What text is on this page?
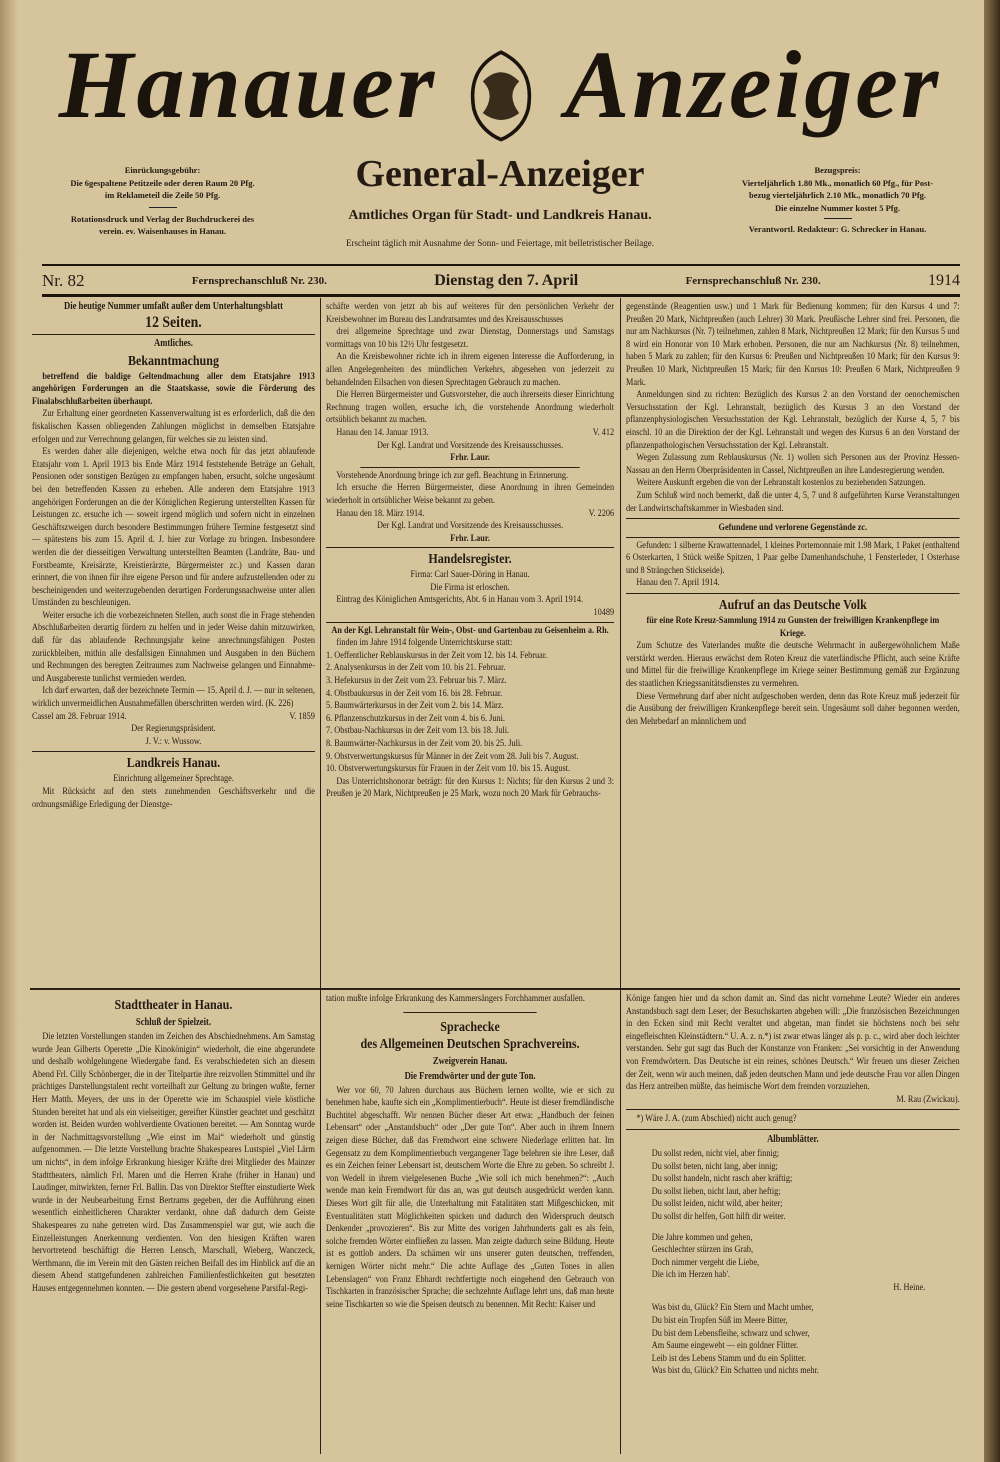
Hanauer Anzeiger
General-Anzeiger
Amtliches Organ für Stadt- und Landkreis Hanau.
Erscheint täglich mit Ausnahme der Sonn- und Feiertage, mit belletristischer Beilage.
Einrückungsgebühr:
Die 6gespaltene Petitzeile oder deren Raum 20 Pfg.
im Reklameteil die Zeile 50 Pfg.
Rotationsdruck und Verlag der Buchdruckerei des
verein. ev. Waisenhauses in Hanau.
Bezugspreis:
Vierteljährlich 1.80 Mk., monatlich 60 Pfg., für Post-
bezug vierteljährlich 2.10 Mk., monatlich 70 Pfg.
Die einzelne Nummer kostet 5 Pfg.
Verantwortl. Redakteur: G. Schrecker in Hanau.
Nr. 82	Fernsprechanschluß Nr. 230.	Dienstag den 7. April	Fernsprechanschluß Nr. 230.	1914
Die heutige Nummer umfaßt außer dem Unterhaltungsblatt
12 Seiten.
Amtliches.
Bekanntmachung

betreffend die baldige Geltendmachung aller dem Etatsjahre 1913 angehörigen Forderungen an die Staatskasse, sowie die Förderung des Finalabschlußarbeiten überhaupt.

Zur Erhaltung einer geordneten Kassenverwaltung ist es erforderlich, daß die den fiskalischen Kassen obliegenden Zahlungen möglichst in demselben Etatsjahre erfolgen und zur Verrechnung gelangen, für welches sie zu leisten sind.

Es werden daher alle diejenigen, welche etwa noch für das jetzt ablaufende Etatsjahr vom 1. April 1913 bis Ende März 1914 feststehende Beträge an Gehalt, Pensionen oder sonstigen Bezügen zu empfangen haben, ersucht, solche ungesäumt bei den betreffenden Kassen zu erheben. Alle anderen dem Etatsjahre 1913 angehörigen Forderungen an die der Königlichen Regierung unterstellten Kassen für Leistungen zc. ersuche ich — soweit irgend möglich und sofern nicht in einzelnen Geschäftszweigen durch besondere Bestimmungen frühere Termine festgesetzt sind — spätestens bis zum 15. April d. J. hier zur Vorlage zu bringen. Insbesondere werden die der diesseitigen Verwaltung unterstellten Beamten (Landräte, Bau- und Forstbeamte, Kreisärzte, Kreistierärzte, Bürgermeister zc.) und Kassen daran erinnert, die von ihnen für ihre eigene Person und für andere aufzustellenden oder zu bescheinigenden und weiterzugebenden derartigen Forderungsnachweise unter allen Umständen zu beschleunigen.

Weiter ersuche ich die vorbezeichneten Stellen, auch sonst die in Frage stehenden Abschlußarbeiten derartig fördern zu helfen und in jeder Weise dahin mitzuwirken, daß für das ablaufende Rechnungsjahr keine anrechnungsfähigen Posten zurückbleiben, mithin alle desfallsigen Einnahmen und Ausgaben in den Büchern und Rechnungen des beregten Zeitraumes zum Nachweise gelangen und Einnahme- und Ausgabereste tunlichst vermieden werden.

Ich darf erwarten, daß der bezeichnete Termin — 15. April d. J. — nur in seltenen, wirklich unvermeidlichen Ausnahmefällen überschritten werden wird. (K. 226)

Cassel am 28. Februar 1914.	V. 1859
Der Regierungspräsident.
J. V.: v. Wussow.
Landkreis Hanau.
Einrichtung allgemeiner Sprechtage.

Mit Rücksicht auf den stets zunehmenden Geschäftsverkehr und die ordnungsmäßige Erledigung der Dienstge-

schäfte werden von jetzt ab bis auf weiteres für den persönlichen Verkehr der Kreisbewohner im Bureau des Landratsamtes und des Kreisausschusses

drei allgemeine Sprechtage und zwar Dienstag, Donnerstags und Samstags vormittags von 10 bis 12½ Uhr festgesetzt.

An die Kreisbewohner richte ich in ihrem eigenen Interesse die Aufforderung, in allen Angelegenheiten des mündlichen Verkehrs, abgesehen von jederzeit zu behandelnden Eilsachen von diesen Sprechtagen Gebrauch zu machen.

Die Herren Bürgermeister und Gutsvorsteher, die auch ihrerseits dieser Einrichtung Rechnung tragen wollen, ersuche ich, die vorstehende Anordnung wiederholt ortsüblich bekannt zu machen.

Hanau den 14. Januar 1913.	V. 412
Der Kgl. Landrat und Vorsitzende des Kreisausschusses.
Frhr. Laur.

Vorstehende Anordnung bringe ich zur gefl. Beachtung in Erinnerung.

Ich ersuche die Herren Bürgermeister, diese Anordnung in ihren Gemeinden wiederholt in ortsüblicher Weise bekannt zu geben.

Hanau den 18. März 1914.	V. 2206
Der Kgl. Landrat und Vorsitzende des Kreisausschusses.
Frhr. Laur.
Handelsregister.
Firma: Carl Sauer-Döring in Hanau.
Die Firma ist erloschen.

Eintrag des Königlichen Amtsgerichts, Abt. 6 in Hanau vom 3. April 1914.

10489
An der Kgl. Lehranstalt für Wein-, Obst- und Gartenbau zu Geisenheim a. Rh.

finden im Jahre 1914 folgende Unterrichtskurse statt:

1. Oeffentlicher Reblauskursus in der Zeit vom 12. bis 14. Februar.
2. Analysenkursus in der Zeit vom 10. bis 21. Februar.
3. Hefekursus in der Zeit vom 23. Februar bis 7. März.
4. Obstbaukursus in der Zeit vom 16. bis 28. Februar.
5. Baumwärterkursus in der Zeit vom 2. bis 14. März.
6. Pflanzenschutzkursus in der Zeit vom 4. bis 6. Juni.
7. Obstbau-Nachkursus in der Zeit vom 13. bis 18. Juli.
8. Baumwärter-Nachkursus in der Zeit vom 20. bis 25. Juli.
9. Obstverwertungskursus für Männer in der Zeit vom 28. Juli bis 7. August.
10. Obstverwertungskursus für Frauen in der Zeit vom 10. bis 15. August.

Das Unterrichtshonorar beträgt: für den Kursus 1: Nichts; für den Kursus 2 und 3: Preußen je 20 Mark, Nichtpreußen je 25 Mark, wozu noch 20 Mark für Gebrauchs-

gegenstände (Reagentien usw.) und 1 Mark für Bedienung kommen; für den Kursus 4 und 7: Preußen 20 Mark, Nichtpreußen (auch Lehrer) 30 Mark. Preußische Lehrer sind frei. Personen, die nur am Nachkursus (Nr. 7) teilnehmen, zahlen 8 Mark, Nichtpreußen 12 Mark; für den Kursus 5 und 8 wird ein Honorar von 10 Mark erhoben. Personen, die nur am Nachkursus (Nr. 8) teilnehmen, haben 5 Mark zu zahlen; für den Kursus 6: Preußen und Nichtpreußen 10 Mark; für den Kursus 9: Preußen 10 Mark, Nichtpreußen 15 Mark; für den Kursus 10: Preußen 6 Mark, Nichtpreußen 9 Mark.

Anmeldungen sind zu richten: Bezüglich des Kursus 2 an den Vorstand der oenochemischen Versuchsstation der Kgl. Lehranstalt, bezüglich des Kursus 3 an den Vorstand der pflanzenphysiologischen Versuchsstation der Kgl. Lehranstalt, bezüglich der Kurse 4, 5, 7 bis einschl. 10 an die Direktion der der Kgl. Lehranstalt und wegen des Kursus 6 an den Vorstand der pflanzenpathologischen Versuchsstation der Kgl. Lehranstalt.

Wegen Zulassung zum Reblauskursus (Nr. 1) wollen sich Personen aus der Provinz Hessen-Nassau an den Herrn Oberpräsidenten in Cassel, Nichtpreußen an ihre Landesregierung wenden.

Weitere Auskunft ergeben die von der Lehranstalt kostenlos zu beziehenden Satzungen.

Zum Schluß wird noch bemerkt, daß die unter 4, 5, 7 und 8 aufgeführten Kurse Veranstaltungen der Landwirtschaftskammer in Wiesbaden sind.

Gefundene und verlorene Gegenstände zc.

Gefunden: 1 silberne Krawattennadel, 1 kleines Portemonnaie mit 1.98 Mark, 1 Paket (enthaltend 6 Osterkarten, 1 Stück weiße Spitzen, 1 Paar gelbe Damenhandschuhe, 1 Fensterleder, 1 Osterhase und 8 Strängchen Stickseide).

Hanau den 7. April 1914.

Aufruf an das Deutsche Volk
für eine Rote Kreuz-Sammlung 1914 zu Gunsten der freiwilligen Krankenpflege im Kriege.

Zum Schutze des Vaterlandes mußte die deutsche Wehrmacht in außergewöhnlichem Maße verstärkt werden. Hieraus erwächst dem Roten Kreuz die vaterländische Pflicht, auch seine Kräfte und Mittel für die freiwillige Krankenpflege im Kriege seiner Bestimmung gemäß zur Ergänzung des staatlichen Kriegssanitätsdienstes zu vermehren.

Diese Vermehrung darf aber nicht aufgeschoben werden, denn das Rote Kreuz muß jederzeit für die Ausübung der freiwilligen Krankenpflege bereit sein. Ungesäumt soll daher begonnen werden, den Mehrbedarf an männlichem und

Stadttheater in Hanau.
Schluß der Spielzeit.

Die letzten Vorstellungen standen im Zeichen des Abschiednehmens. Am Samstag wurde Jean Gilberts Operette „Die Kinokönigin“ wiederholt, die eine abgerundete und deshalb wohlgelungene Wiedergabe fand. Es verabschiedeten sich an diesem Abend Frl. Cilly Schönberger, die in der Titelpartie ihre reizvollen Stimmittel und ihr prächtiges Darstellungstalent recht vorteilhaft zur Geltung zu bringen wußte, ferner Herr Matth. Meyers, der uns in der Operette wie im Schauspiel viele köstliche Stunden bereitet hat und als ein vielseitiger, gereifter Künstler geachtet und geschätzt worden ist. Beiden wurden wohlverdiente Ovationen bereitet. — Am Sonntag wurde in der Nachmittagsvorstellung „Wie einst im Mai“ wiederholt und günstig aufgenommen. — Die letzte Vorstellung brachte Shakespeares Lustspiel „Viel Lärm um nichts“, in dem infolge Erkrankung hiesiger Kräfte drei Mitglieder des Mainzer Stadttheaters, nämlich Frl. Maren und die Herren Krahe (früher in Hanau) und Laudinger, mitwirkten, ferner Frl. Ballin. Das von Direktor Steffter einstudierte Werk wurde in der Neubearbeitung Ernst Bertrams gegeben, der die Aufführung einen wesentlich einheitlicheren Charakter verdankt, ohne daß dadurch dem Geiste Shakespeares zu nahe getreten wird. Das Zusammenspiel war gut, wie auch die Einzelleistungen Anerkennung verdienten. Von den hiesigen Kräften waren hervortretend beschäftigt die Herren Lensch, Marschall, Wieberg, Wanczeck, Werthmann, die im Verein mit den Gästen reichen Beifall des im Hinblick auf die an diesem Abend stattgefundenen zahlreichen Familienfestlichkeiten gut besetzten Hauses entgegennehmen konnten. — Die gestern abend vorgesehene Parsifal-Regi-

tation mußte infolge Erkrankung des Kammersängers Forchhammer ausfallen.

Sprachecke
des Allgemeinen Deutschen Sprachvereins.
Zweigverein Hanau.
Die Fremdwörter und der gute Ton.

Wer vor 60, 70 Jahren durchaus aus Büchern lernen wollte, wie er sich zu benehmen habe, kaufte sich ein „Komplimentierbuch“. Heute ist dieser fremdländische Buchtitel abgeschafft. Wir nennen Bücher dieser Art etwa: „Handbuch der feinen Lebensart“ oder „Anstandsbuch“ oder „Der gute Ton“. Aber auch in ihrem Innern zeigen diese Bücher, daß das Fremdwort eine schwere Niederlage erlitten hat. Im Gegensatz zu dem Komplimentierbuch vergangener Tage belehren sie ihre Leser, daß es ein Zeichen feiner Lebensart ist, deutschem Worte die Ehre zu geben. So schreibt J. von Wedell in ihrem vielgelesenen Buche „Wie soll ich mich benehmen?“: „Auch wende man kein Fremdwort für das an, was gut deutsch ausgedrückt werden kann. Dieses Wort gilt für alle, die Unterhaltung mit Fatalitäten statt Mißgeschicken, mit Eventualitäten statt Möglichkeiten spicken und dadurch den Widerspruch deutsch Denkender „provozieren“. Bis zur Mitte des vorigen Jahrhunderts galt es als fein, solche fremden Wörter einfließen zu lassen. Man zeigte dadurch seine Bildung. Heute ist es gottlob anders. Da schämen wir uns unserer guten deutschen, treffenden, kernigen Wörter nicht mehr.“ Die achte Auflage des „Guten Tones in allen Lebenslagen“ von Franz Ebhardt rechtfertigte noch eingehend den Gebrauch von Tischkarten in französischer Sprache; die sechzehnte Auflage lehrt uns, daß man heute seine Tischkarten so wie die Speisen deutsch zu benennen. Mit Recht: Kaiser und

Könige fangen hier und da schon damit an. Sind das nicht vornehme Leute? Wieder ein anderes Anstandsbuch sagt dem Leser, der Besuchskarten abgeben will: „Die französischen Bezeichnungen in den Ecken sind mit Recht veraltet und abgetan, man findet sie höchstens noch bei sehr eingefleischten Kleinstädtern.“ U. A. z. n.*) ist zwar etwas länger als p. p. c., wird aber doch leichter verstanden. Sehr gut sagt das Buch der Konstanze von Franken: „Sei vorsichtig in der Anwendung von Fremdwörtern. Das Deutsche ist ein reines, schönes Deutsch.“ Wir freuen uns dieser Zeichen der Zeit, wenn wir auch meinen, daß jeden deutschen Mann und jede deutsche Frau vor allen Dingen das Herz antreiben müßte, das heimische Wort dem fremden vorzuziehen.

M. Rau (Zwickau).

*) Wäre J. A. (zum Abschied) nicht auch genug?

Albumblätter.
Du sollst reden, nicht viel, aber finnig;
Du sollst beten, nicht lang, aber innig;
Du sollst handeln, nicht rasch aber kräftig;
Du sollst lieben, nicht laut, aber heftig;
Du sollst leiden, nicht wild, aber heiter;
Du sollst dir helfen, Gott hilft dir weiter.
Die Jahre kommen und gehen,
Geschlechter stürzen ins Grab,
Doch nimmer vergeht die Liebe,
Die ich im Herzen hab'.
H. Heine.
Was bist du, Glück? Ein Stern und Macht umher,
Du bist ein Tropfen Süß im Meere Bitter,
Du bist dem Lebensfleihe, schwarz und schwer,
Am Saume eingewebt — ein goldner Flitter.
Leib ist des Lebens Stamm und du ein Splitter.
Was bist du, Glück? Ein Schatten und nichts mehr.
